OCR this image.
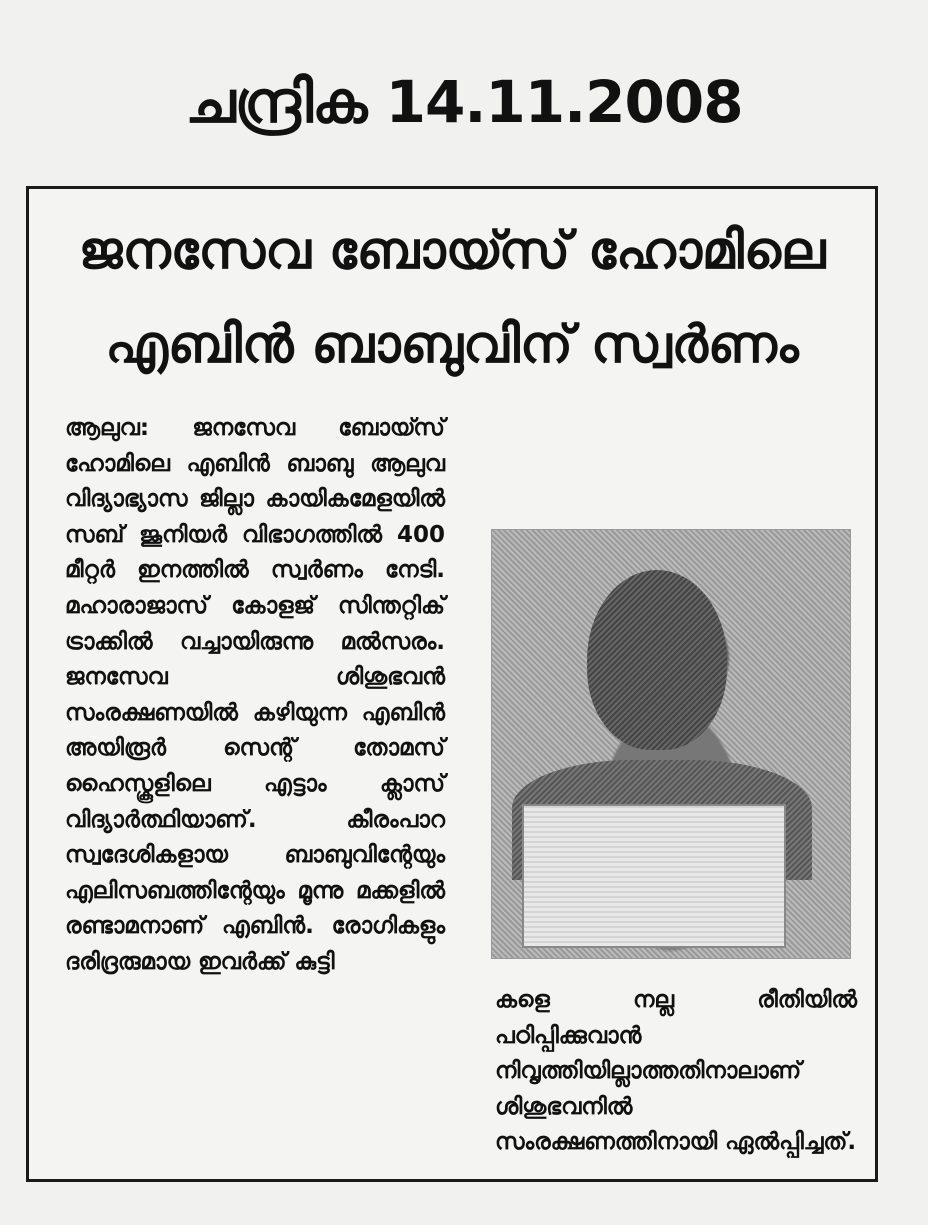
ചന്ദ്രിക 14.11.2008
ജനസേവ ബോയ്സ് ഹോമിലെ
എബിൻ ബാബുവിന് സ്വർണം

ആലുവ: ജനസേവ ബോയ്സ് ഹോമിലെ എബിൻ ബാബു ആലുവ വിദ്യാഭ്യാസ ജില്ലാ കായികമേളയിൽ സബ് ജൂനിയർ വിഭാഗത്തിൽ 400 മീറ്റർ ഇനത്തിൽ സ്വർണം നേടി. മഹാരാജാസ് കോളജ് സിന്തറ്റിക് ട്രാക്കിൽ വച്ചായിരുന്നു മൽസരം. ജനസേവ ശിശുഭവൻ സംരക്ഷണയിൽ കഴിയുന്ന എബിൻ അയിരൂർ സെന്റ് തോമസ് ഹൈസ്കൂളിലെ എട്ടാം ക്ലാസ് വിദ്യാർത്ഥിയാണ്. കീരംപാറ സ്വദേശികളായ ബാബുവിന്റേയും എലിസബത്തിന്റേയും മൂന്നു മക്കളിൽ രണ്ടാമനാണ് എബിൻ. രോഗികളും ദരിദ്രരുമായ ഇവർക്ക് കുട്ടി

കളെ നല്ല രീതിയിൽ പഠിപ്പിക്കുവാൻ നിവൃത്തിയില്ലാത്തതിനാലാണ് ശിശുഭവനിൽ സംരക്ഷണത്തിനായി ഏൽപ്പിച്ചത്.
